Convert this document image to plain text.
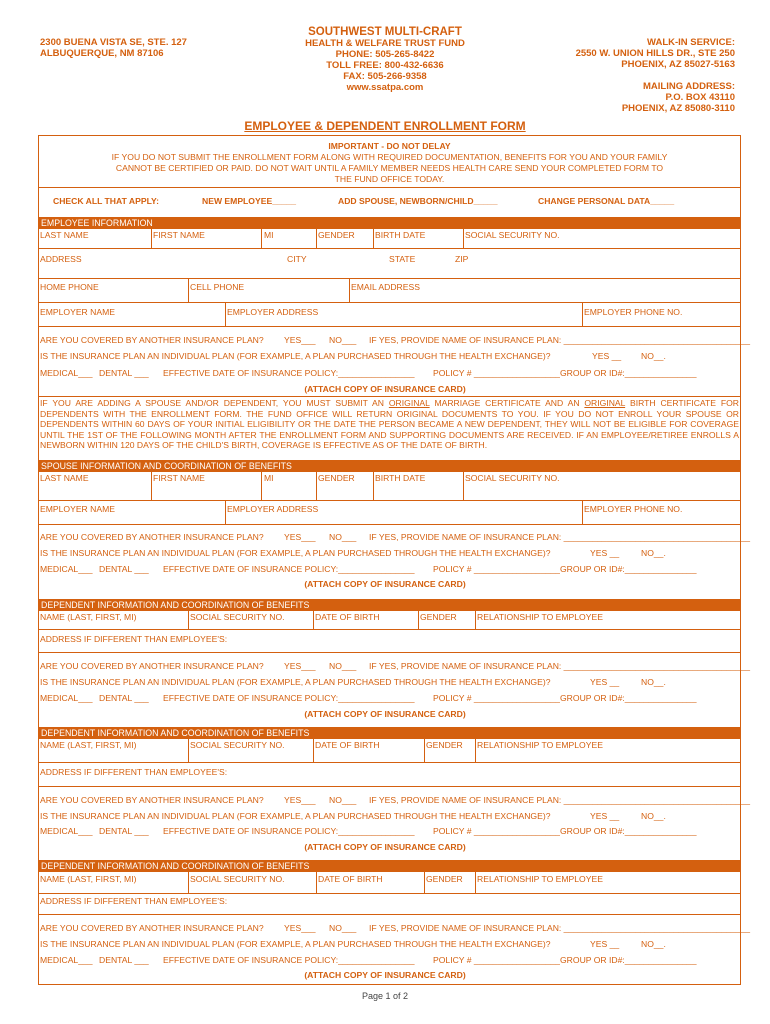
2300 BUENA VISTA SE, STE. 127
ALBUQUERQUE, NM 87106
SOUTHWEST MULTI-CRAFT
HEALTH & WELFARE TRUST FUND
PHONE: 505-265-8422
TOLL FREE: 800-432-6636
FAX: 505-266-9358
www.ssatpa.com
WALK-IN SERVICE:
2550 W. UNION HILLS DR., STE 250
PHOENIX, AZ 85027-5163
MAILING ADDRESS:
P.O. BOX 43110
PHOENIX, AZ 85080-3110
EMPLOYEE & DEPENDENT ENROLLMENT FORM
IMPORTANT - DO NOT DELAY
IF YOU DO NOT SUBMIT THE ENROLLMENT FORM ALONG WITH REQUIRED DOCUMENTATION, BENEFITS FOR YOU AND YOUR FAMILY
CANNOT BE CERTIFIED OR PAID. DO NOT WAIT UNTIL A FAMILY MEMBER NEEDS HEALTH CARE SEND YOUR COMPLETED FORM TO
THE FUND OFFICE TODAY.
CHECK ALL THAT APPLY:	NEW EMPLOYEE_____	ADD SPOUSE, NEWBORN/CHILD_____	CHANGE PERSONAL DATA_____
EMPLOYEE INFORMATION
LAST NAME	FIRST NAME	MI	GENDER BIRTH DATE	SOCIAL SECURITY NO.
ADDRESS	CITY	STATE	ZIP
HOME PHONE	CELL PHONE	EMAIL ADDRESS
EMPLOYER NAME	EMPLOYER ADDRESS	EMPLOYER PHONE NO.
ARE YOU COVERED BY ANOTHER INSURANCE PLAN? YES___ NO___ IF YES, PROVIDE NAME OF INSURANCE PLAN: _______________________________________
IS THE INSURANCE PLAN AN INDIVIDUAL PLAN (FOR EXAMPLE, A PLAN PURCHASED THROUGH THE HEALTH EXCHANGE)?	YES __ NO__.
MEDICAL___ DENTAL ___ EFFECTIVE DATE OF INSURANCE POLICY:________________ POLICY # __________________ GROUP OR ID#:_______________
(ATTACH COPY OF INSURANCE CARD)
IF YOU ARE ADDING A SPOUSE AND/OR DEPENDENT, YOU MUST SUBMIT AN ORIGINAL MARRIAGE CERTIFICATE AND AN ORIGINAL BIRTH CERTIFICATE FOR DEPENDENTS WITH THE ENROLLMENT FORM. THE FUND OFFICE WILL RETURN ORIGINAL DOCUMENTS TO YOU. IF YOU DO NOT ENROLL YOUR SPOUSE OR DEPENDENTS WITHIN 60 DAYS OF YOUR INITIAL ELIGIBILITY OR THE DATE THE PERSON BECAME A NEW DEPENDENT, THEY WILL NOT BE ELIGIBLE FOR COVERAGE UNTIL THE 1ST OF THE FOLLOWING MONTH AFTER THE ENROLLMENT FORM AND SUPPORTING DOCUMENTS ARE RECEIVED. IF AN EMPLOYEE/RETIREE ENROLLS A NEWBORN WITHIN 120 DAYS OF THE CHILD'S BIRTH, COVERAGE IS EFFECTIVE AS OF THE DATE OF BIRTH.
SPOUSE INFORMATION AND COORDINATION OF BENEFITS
LAST NAME	FIRST NAME	MI	GENDER BIRTH DATE	SOCIAL SECURITY NO.
EMPLOYER NAME	EMPLOYER ADDRESS	EMPLOYER PHONE NO.
ARE YOU COVERED BY ANOTHER INSURANCE PLAN? YES___ NO___ IF YES, PROVIDE NAME OF INSURANCE PLAN: _______________________________________
IS THE INSURANCE PLAN AN INDIVIDUAL PLAN (FOR EXAMPLE, A PLAN PURCHASED THROUGH THE HEALTH EXCHANGE)?	YES __	NO__.
MEDICAL___ DENTAL ___ EFFECTIVE DATE OF INSURANCE POLICY:________________ POLICY # __________________ GROUP OR ID#:_______________
(ATTACH COPY OF INSURANCE CARD)
DEPENDENT INFORMATION AND COORDINATION OF BENEFITS
NAME (LAST, FIRST, MI)	SOCIAL SECURITY NO.	DATE OF BIRTH	GENDER RELATIONSHIP TO EMPLOYEE
ADDRESS IF DIFFERENT THAN EMPLOYEE'S:
ARE YOU COVERED BY ANOTHER INSURANCE PLAN? YES___ NO___ IF YES, PROVIDE NAME OF INSURANCE PLAN: _______________________________________
IS THE INSURANCE PLAN AN INDIVIDUAL PLAN (FOR EXAMPLE, A PLAN PURCHASED THROUGH THE HEALTH EXCHANGE)?	YES __	NO__.
MEDICAL___ DENTAL ___ EFFECTIVE DATE OF INSURANCE POLICY:________________ POLICY # __________________ GROUP OR ID#:_______________
(ATTACH COPY OF INSURANCE CARD)
DEPENDENT INFORMATION AND COORDINATION OF BENEFITS
NAME (LAST, FIRST, MI)	SOCIAL SECURITY NO.	DATE OF BIRTH	GENDER RELATIONSHIP TO EMPLOYEE
ADDRESS IF DIFFERENT THAN EMPLOYEE'S:
ARE YOU COVERED BY ANOTHER INSURANCE PLAN? YES___ NO___ IF YES, PROVIDE NAME OF INSURANCE PLAN: _______________________________________
IS THE INSURANCE PLAN AN INDIVIDUAL PLAN (FOR EXAMPLE, A PLAN PURCHASED THROUGH THE HEALTH EXCHANGE)?	YES __	NO__.
MEDICAL___ DENTAL ___ EFFECTIVE DATE OF INSURANCE POLICY:________________ POLICY # __________________ GROUP OR ID#:_______________
(ATTACH COPY OF INSURANCE CARD)
DEPENDENT INFORMATION AND COORDINATION OF BENEFITS
NAME (LAST, FIRST, MI)	SOCIAL SECURITY NO.	DATE OF BIRTH	GENDER RELATIONSHIP TO EMPLOYEE
ADDRESS IF DIFFERENT THAN EMPLOYEE'S:
ARE YOU COVERED BY ANOTHER INSURANCE PLAN? YES___ NO___ IF YES, PROVIDE NAME OF INSURANCE PLAN: _______________________________________
IS THE INSURANCE PLAN AN INDIVIDUAL PLAN (FOR EXAMPLE, A PLAN PURCHASED THROUGH THE HEALTH EXCHANGE)?	YES __	NO__.
MEDICAL___ DENTAL ___ EFFECTIVE DATE OF INSURANCE POLICY:________________ POLICY # __________________ GROUP OR ID#:_______________
(ATTACH COPY OF INSURANCE CARD)
Page 1 of 2
